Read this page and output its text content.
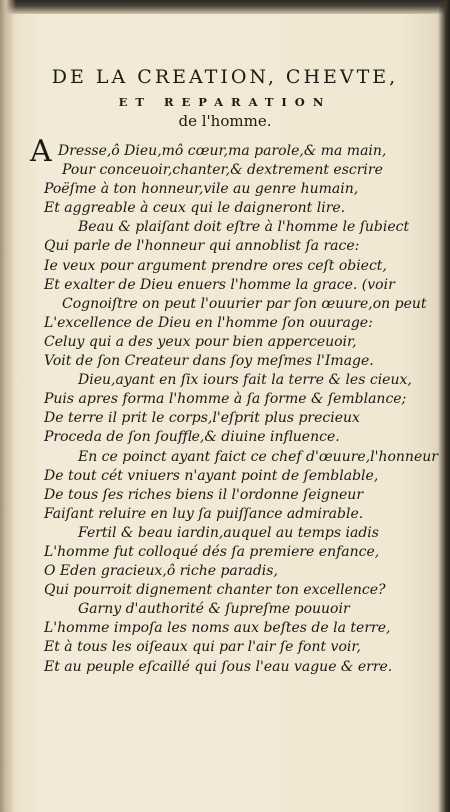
DE LA CREATION, CHEVTE,
ET REPARATION
de l'homme.
A Dresse,ô Dieu,mô cœur,ma parole,& ma main,
Pour conceuoir,chanter,& dextrement escrire
Poëſme à ton honneur,vile au genre humain,
Et aggreable à ceux qui le daigneront lire.
Beau & plaiſant doit eſtre à l'homme le ſubiect
Qui parle de l'honneur qui annoblist ſa race:
Ie veux pour argument prendre ores ceſt obiect,
Et exalter de Dieu enuers l'homme la grace. (voir
Cognoiſtre on peut l'ouurier par ſon œuure,on peut
L'excellence de Dieu en l'homme ſon ouurage:
Celuy qui a des yeux pour bien apperceuoir,
Voit de ſon Createur dans ſoy meſmes l'Image.
Dieu,ayant en ſix iours fait la terre & les cieux,
Puis apres forma l'homme à ſa forme & ſemblance;
De terre il prit le corps,l'eſprit plus precieux
Proceda de ſon ſouffle,& diuine influence.
En ce poinct ayant faict ce chef d'œuure,l'honneur
De tout cét vniuers n'ayant point de ſemblable,
De tous ſes riches biens il l'ordonne ſeigneur
Faiſant reluire en luy ſa puiſſance admirable.
Fertil & beau iardin,auquel au temps iadis
L'homme fut colloqué dés ſa premiere enfance,
O Eden gracieux,ô riche paradis,
Qui pourroit dignement chanter ton excellence?
Garny d'authorité & ſupreſme pouuoir
L'homme impoſa les noms aux beſtes de la terre,
Et à tous les oiſeaux qui par l'air ſe font voir,
Et au peuple eſcaillé qui ſous l'eau vague & erre.
